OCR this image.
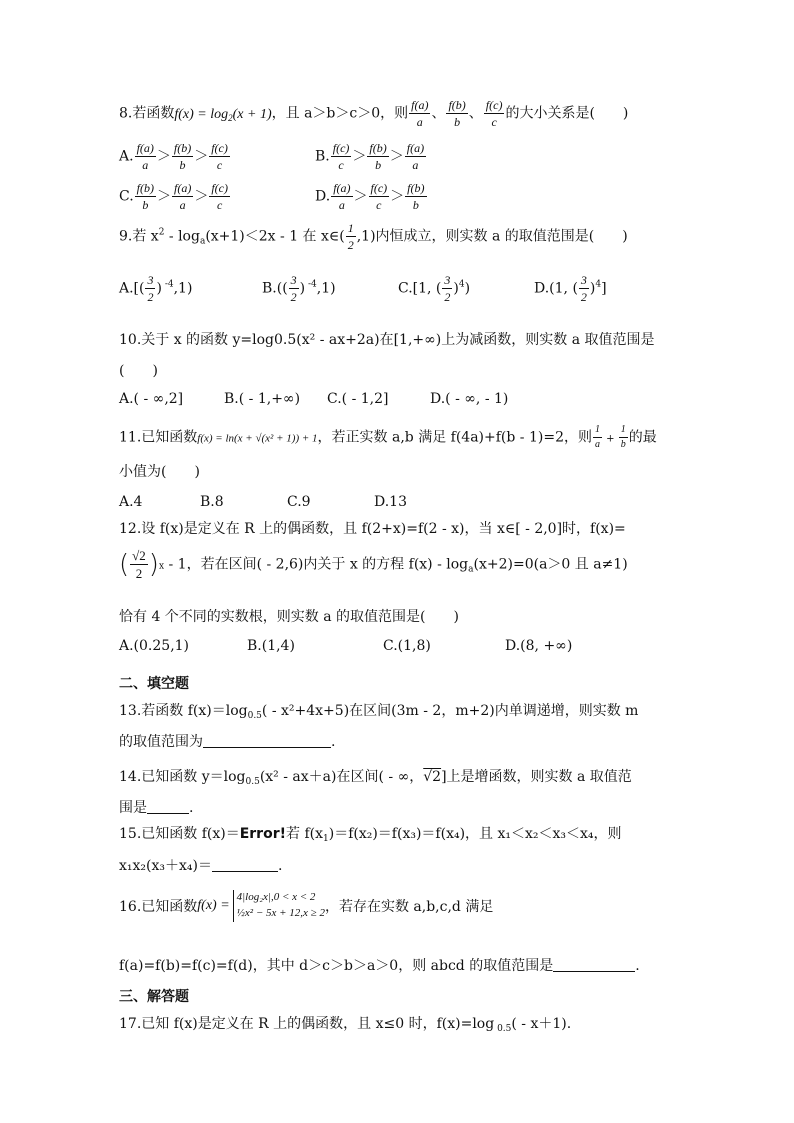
8.若函数$f(x) = \log_2(x + 1)$，且 a＞b＞c＞0，则 $\frac{f(a)}{a}$ 、 $\frac{f(b)}{b}$ 、 $\frac{f(c)}{c}$ 的大小关系是(　　)
A. $\frac{f(a)}{a} > \frac{f(b)}{b} > \frac{f(c)}{c}$	B. $\frac{f(c)}{c} > \frac{f(b)}{b} > \frac{f(a)}{a}$
C. $\frac{f(b)}{b} > \frac{f(a)}{a} > \frac{f(c)}{c}$	D. $\frac{f(a)}{a} > \frac{f(c)}{c} > \frac{f(b)}{b}$
9.若 $x^2 - \log_a(x+1)<2x - 1$ 在 x∈( $\frac{1}{2} ,1$)内恒成立，则实数 a 的取值范围是(　　)
$A.[( \frac{3}{2}$ ) $^{-4}$,1)	$B.(( \frac{3}{2}$ ) $^{-4}$,1)	C.[1, ( $\frac{3}{2} )^4$)	D.(1, ( $\frac{3}{2} )^4$]
10.关于 x 的函数 y=log0.5(x² - ax+2a)在[1,+∞)上为减函数，则实数 a 取值范围是
(　　)
A.( - ∞,2]	B.( - 1,+∞) C.( - 1,2]	D.( - ∞, - 1)
11.已知函数f(x) = ln(x + √(x² + 1)) + 1，若正实数 a,b 满足 f(4a)+f(b - 1)=2，则 $\frac{1}{a} + \frac{1}{b}$ 的最
小值为(　　)
A.4	B.8	C.9	D.13
12.设 f(x)是定义在 R 上的偶函数，且 f(2+x)=f(2 - x)，当 x∈[ - 2,0]时，f(x)=
( $\frac{√2}{2} )x - 1$，若在区间( - 2,6)内关于 x 的方程 $f(x) - \log_a(x+2)=0(a>0$ 且 a≠1)
恰有 4 个不同的实数根，则实数 a 的取值范围是(　　)
A.(0.25,1)	B.(1,4)	C.(1,8)	D.(8, +∞)
二、填空题
13.若函数 $f(x)=\log_{0.5}( - x^2+4x+5)$在区间(3m - 2，m+2)内单调递增，则实数 m
的取值范围为	.
14.已知函数 $y=\log_{0.5}(x^2 - ax+a)$在区间( - ∞，√2]上是增函数，则实数 a 取值范
围是	.
15.已知函数 f(x)＝Error!若 $f(x_1)=f(x_2)=f(x_3)=f(x_4)$，且 x₁＜x₂＜x₃＜x₄，则
x₁x₂(x₃＋x₄)＝	.
16.已知函数f(x) =
4|log₂x|,0 < x < 2
½x² − 5x + 12,x ≥ 2 ，若存在实数 a,b,c,d 满足
f(a)=f(b)=f(c)=f(d)，其中 d＞c＞b＞a＞0，则 abcd 的取值范围是	.
三、解答题
17.已知 f(x)是定义在 R 上的偶函数，且 x≤0 时，f(x)=log $_{0.5}$( - x＋1).
